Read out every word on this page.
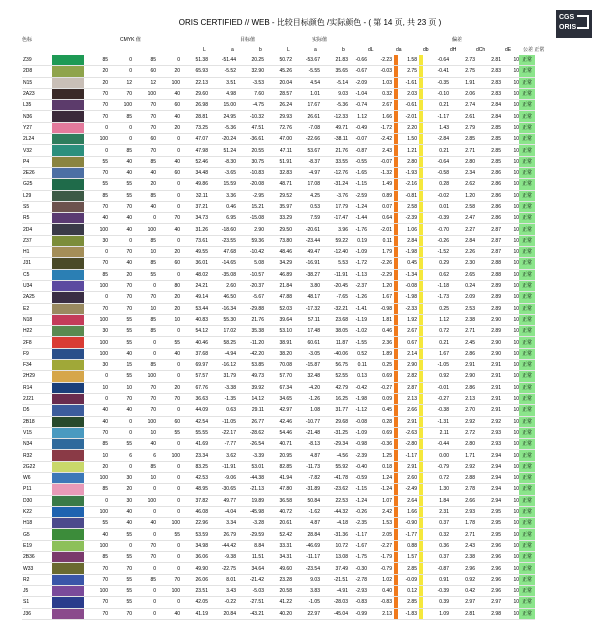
ORIS CERTIFIED // WEB - 比较目标颜色 /实际颜色 - ( 第 14 页, 共 23 页 )
CGS
ORIS
色标	CMYK 值	目标值	实际值	偏差
L	a	b	L	a	b	dL	da	db	dH	dCh	dE 公差 正常
Z39		85	0	85	0	51.38	-51.44	20.25	50.72	-53.67	21.83	-0.66		-2.23		1.58		-0.64	2.73	2.81	10	正常
2D8		20	0	60	20	65.93	-5.52	32.90	45.26	-5.55	35.65	-0.67		-0.03		2.75		-0.41	2.75	2.83	10	正常
N15		20	12	12	100	22.13	3.51	-3.53	20.04	4.54	-5.14	-2.09		1.03		-1.61		-0.35	1.91	2.83	10	正常
2A23		70	70	100	40	29.60	4.98	7.60	28.57	1.01	9.03	-1.04		0.32		2.03		-0.10	2.06	2.83	10	正常
L35		70	100	70	60	26.98	15.00	-4.75	26.24	17.67	-5.36	-0.74		2.67		-0.61		0.21	2.74	2.84	10	正常
N36		70	85	70	40	28.81	24.95	-10.32	29.93	26.61	-12.33	1.12		1.66		-2.01		-1.17	2.61	2.84	10	正常
Y27		0	0	70	20	73.25	-5.36	47.51	72.76	-7.08	49.71	-0.49		-1.72		2.20		1.43	2.79	2.85	10	正常
2L24		100	0	60	0	47.07	-20.24	-36.61	47.00	-22.66	-38.11	-0.07		-2.42		1.50		-2.84	2.85	2.85	10	正常
V32		0	85	70	0	47.98	51.24	20.55	47.11	53.67	21.76	-0.87		2.43		1.21		0.21	2.71	2.85	10	正常
P4		55	40	85	40	52.46	-8.30	30.75	51.91	-8.37	33.55	-0.55		-0.07		2.80		-0.64	2.80	2.85	10	正常
2E26		70	40	40	60	34.48	-3.65	-10.83	32.83	-4.97	-12.76	-1.65		-1.32		-1.93		-0.58	2.34	2.86	10	正常
G25		55	55	20	0	49.86	15.59	-20.08	48.71	17.08	-31.24	-1.15		1.49		-2.16		0.28	2.62	2.86	10	正常
L29		85	55	85	0	32.11	3.36	-2.95	29.52	4.25	-3.76	-2.59		0.89		-0.81		-0.02	1.20	2.86	10	正常
S5		70	70	40	0	37.21	0.46	15.21	35.97	0.53	17.79	-1.24		0.07		2.58		0.01	2.58	2.86	10	正常
R5		40	40	0	70	34.73	6.95	-15.08	33.29	7.59	-17.47	-1.44		0.64		-2.39		-0.39	2.47	2.86	10	正常
2D4		100	40	100	40	31.26	-18.60	2.90	29.50	-20.61	3.96	-1.76		-2.01		1.06		-0.70	2.27	2.87	10	正常
Z37		30	0	85	0	73.61	-23.55	59.36	73.80	-23.44	59.22	0.19		0.11		2.84		-0.26	2.84	2.87	10	正常
H1		0	70	10	20	49.55	47.68	-10.42	48.46	49.47	-12.40	-1.09		1.79		-1.98		-1.52	2.26	2.87	10	正常
J31		70	40	85	60	36.01	-14.65	5.08	34.29	-16.91	5.53	-1.72		-2.26		0.45		0.29	2.30	2.88	10	正常
C5		85	20	55	0	48.02	-35.08	-10.57	46.89	-38.27	-11.91	-1.13		-2.29		-1.34		0.62	2.65	2.88	10	正常
U34		100	70	0	80	24.21	2.60	-20.37	21.84	3.80	-20.45	-2.37		1.20		-0.08		-1.18	0.24	2.89	10	正常
2A25		0	70	70	20	49.14	46.50	-5.67	47.88	48.17	-7.65	-1.26		1.67		-1.98		-1.73	2.09	2.89	10	正常
E2		70	70	10	20	53.44	-16.34	-29.88	52.03	-17.32	-32.21	-1.41		-0.98		-2.33		0.25	2.53	2.89	10	正常
N18		100	55	85	10	40.83	55.30	21.76	39.64	57.11	23.68	-1.19		1.81		1.92		1.12	2.38	2.90	10	正常
H22		30	55	85	0	54.12	17.02	35.38	53.10	17.48	38.05	-1.02		0.46		2.67		0.72	2.71	2.89	10	正常
2F8		100	55	0	55	40.46	58.25	-11.20	38.91	60.61	11.87	-1.55		2.36		0.67		0.21	2.45	2.90	10	正常
F9		100	40	0	40	37.68	-4.94	-42.20	38.20	-3.05	-40.06	0.52		1.89		2.14		1.67	2.86	2.90	10	正常
F34		30	15	85	0	69.97	-16.12	53.85	70.08	-15.87	56.75	0.11		0.25		2.90		-1.05	2.91	2.91	10	正常
2H29		0	55	100	0	57.57	31.79	49.73	57.70	32.48	52.55	0.13		0.69		2.82		0.92	2.90	2.91	10	正常
R14		10	10	70	20	67.76	-3.38	39.92	67.34	-4.20	42.79	-0.42		-0.27		2.87		-0.01	2.86	2.91	10	正常
2J21		0	70	70	70	36.63	-1.35	14.12	34.65	-1.26	16.25	-1.98		0.09		2.13		-0.27	2.13	2.91	10	正常
D5		40	40	70	0	44.09	0.63	29.11	42.97	1.08	31.77	-1.12		0.45		2.66		-0.38	2.70	2.91	10	正常
2B18		40	0	100	60	42.54	-11.05	26.77	42.46	-10.77	29.68	-0.08		0.28		2.91		-1.31	2.92	2.92	10	正常
V15		70	0	10	55	55.55	-22.17	-28.62	54.46	-21.48	-31.25	-1.09		0.69		-2.63		2.11	2.72	2.93	10	正常
N34		85	55	40	0	41.69	-7.77	-26.54	40.71	-8.13	-29.34	-0.98		-0.36		-2.80		-0.44	2.80	2.93	10	正常
R32		10	6	6	100	23.34	3.62	-3.39	20.95	4.87	-4.56	-2.39		1.25		-1.17		0.00	1.71	2.94	10	正常
2G22		20	0	85	0	83.25	-11.91	53.01	82.85	-11.73	55.92	-0.40		0.18		2.91		-0.79	2.92	2.94	10	正常
W6		100	30	10	0	42.53	-9.06	-44.38	41.94	-7.82	-41.78	-0.59		1.24		2.60		0.72	2.88	2.94	10	正常
P11		85	20	0	0	48.95	-30.65	-21.13	47.80	-31.89	-23.62	-1.15		-1.24		-2.49		1.30	2.78	2.94	10	正常
D30		0	30	100	0	37.82	49.77	19.89	36.58	50.84	22.53	-1.24		1.07		2.64		1.84	2.66	2.94	10	正常
K22		100	40	0	0	46.08	-4.04	-45.98	40.72	-1.62	-44.32	-0.26		2.42		1.66		2.31	2.93	2.95	10	正常
H18		55	40	40	100	22.96	3.34	-3.28	20.61	4.87	-4.18	-2.35		1.53		-0.90		0.37	1.78	2.95	10	正常
G5		40	55	0	55	53.59	26.79	-29.59	52.42	28.84	-31.36	-1.17		2.05		-1.77		0.32	2.71	2.95	10	正常
E19		100	0	70	0	34.98	-44.42	8.84	33.31	-46.69	10.72	-1.67		-2.27		0.88		0.36	2.43	2.96	10	正常
2B36		85	55	70	0	36.06	-9.38	11.51	34.31	-11.17	13.08	-1.75		-1.79		1.57		0.37	2.38	2.96	10	正常
W33		70	70	0	0	49.90	-22.75	34.64	49.60	-23.54	37.49	-0.30		-0.79		2.85		-0.87	2.96	2.96	10	正常
R2		70	55	85	70	26.06	8.01	-21.42	23.28	9.03	-21.51	-2.78		1.02		-0.09		0.91	0.92	2.96	10	正常
J5		100	55	0	100	23.51	3.43	-5.03	20.58	3.83	-4.91	-2.93		0.40		0.12		-0.39	0.42	2.96	10	正常
S1		70	55	0	0	42.05	-0.22	-27.51	41.22	-1.05	-28.03	-0.83		-0.83		2.85		0.39	2.97	2.97	10	正常
J36		70	70	0	40	41.19	20.84	-43.21	40.20	22.97	-45.04	-0.99		2.13		-1.83		1.09	2.81	2.98	10	正常
